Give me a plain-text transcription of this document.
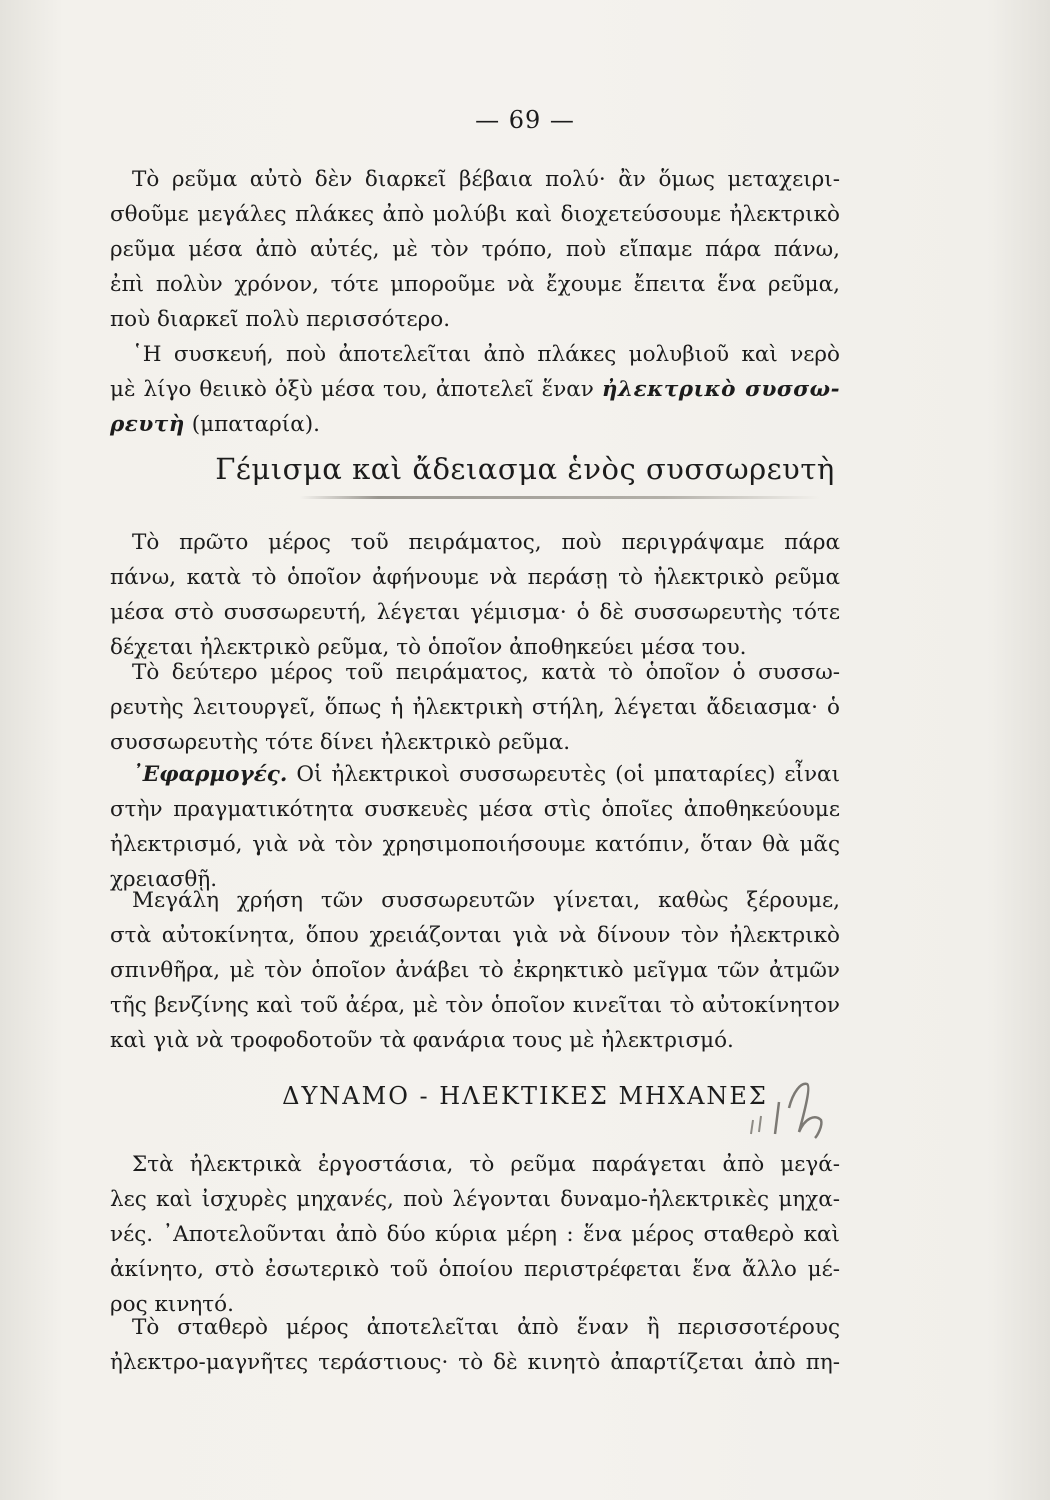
— 69 —
Τὸ ρεῦμα αὐτὸ δὲν διαρκεῖ βέβαια πολύ· ἂν ὅμως μεταχειρι-
σθοῦμε μεγάλες πλάκες ἀπὸ μολύβι καὶ διοχετεύσουμε ἠλεκτρικὸ
ρεῦμα μέσα ἀπὸ αὐτές, μὲ τὸν τρόπο, ποὺ εἴπαμε πάρα πάνω,
ἐπὶ πολὺν χρόνον, τότε μποροῦμε νὰ ἔχουμε ἔπειτα ἕνα ρεῦμα,
ποὺ διαρκεῖ πολὺ περισσότερο.
῾Η συσκευή, ποὺ ἀποτελεῖται ἀπὸ πλάκες μολυβιοῦ καὶ νερὸ
μὲ λίγο θειικὸ ὀξὺ μέσα του, ἀποτελεῖ ἕναν ἠλεκτρικὸ συσσω-
ρευτὴ (μπαταρία).
Γέμισμα καὶ ἄδειασμα ἑνὸς συσσωρευτὴ
Τὸ πρῶτο μέρος τοῦ πειράματος, ποὺ περιγράψαμε πάρα
πάνω, κατὰ τὸ ὁποῖον ἀφήνουμε νὰ περάσῃ τὸ ἠλεκτρικὸ ρεῦμα
μέσα στὸ συσσωρευτή, λέγεται γέμισμα· ὁ δὲ συσσωρευτὴς τότε
δέχεται ἠλεκτρικὸ ρεῦμα, τὸ ὁποῖον ἀποθηκεύει μέσα του.
Τὸ δεύτερο μέρος τοῦ πειράματος, κατὰ τὸ ὁποῖον ὁ συσσω-
ρευτὴς λειτουργεῖ, ὅπως ἡ ἠλεκτρικὴ στήλη, λέγεται ἄδειασμα· ὁ
συσσωρευτὴς τότε δίνει ἠλεκτρικὸ ρεῦμα.
᾿Εφαρμογές. Οἱ ἠλεκτρικοὶ συσσωρευτὲς (οἱ μπαταρίες) εἶναι
στὴν πραγματικότητα συσκευὲς μέσα στὶς ὁποῖες ἀποθηκεύουμε
ἠλεκτρισμό, γιὰ νὰ τὸν χρησιμοποιήσουμε κατόπιν, ὅταν θὰ μᾶς
χρειασθῇ.
Μεγάλη χρήση τῶν συσσωρευτῶν γίνεται, καθὼς ξέρουμε,
στὰ αὐτοκίνητα, ὅπου χρειάζονται γιὰ νὰ δίνουν τὸν ἠλεκτρικὸ
σπινθῆρα, μὲ τὸν ὁποῖον ἀνάβει τὸ ἐκρηκτικὸ μεῖγμα τῶν ἀτμῶν
τῆς βενζίνης καὶ τοῦ ἀέρα, μὲ τὸν ὁποῖον κινεῖται τὸ αὐτοκίνητον
καὶ γιὰ νὰ τροφοδοτοῦν τὰ φανάρια τους μὲ ἠλεκτρισμό.
ΔΥΝΑΜΟ - ΗΛΕΚΤΙΚΕΣ ΜΗΧΑΝΕΣ
Στὰ ἠλεκτρικὰ ἐργοστάσια, τὸ ρεῦμα παράγεται ἀπὸ μεγά-
λες καὶ ἰσχυρὲς μηχανές, ποὺ λέγονται δυναμο-ἠλεκτρικὲς μηχα-
νές. ᾿Αποτελοῦνται ἀπὸ δύο κύρια μέρη : ἕνα μέρος σταθερὸ καὶ
ἀκίνητο, στὸ ἐσωτερικὸ τοῦ ὁποίου περιστρέφεται ἕνα ἄλλο μέ-
ρος κινητό.
Τὸ σταθερὸ μέρος ἀποτελεῖται ἀπὸ ἕναν ἢ περισσοτέρους
ἠλεκτρο-μαγνῆτες τεράστιους· τὸ δὲ κινητὸ ἀπαρτίζεται ἀπὸ πη-
